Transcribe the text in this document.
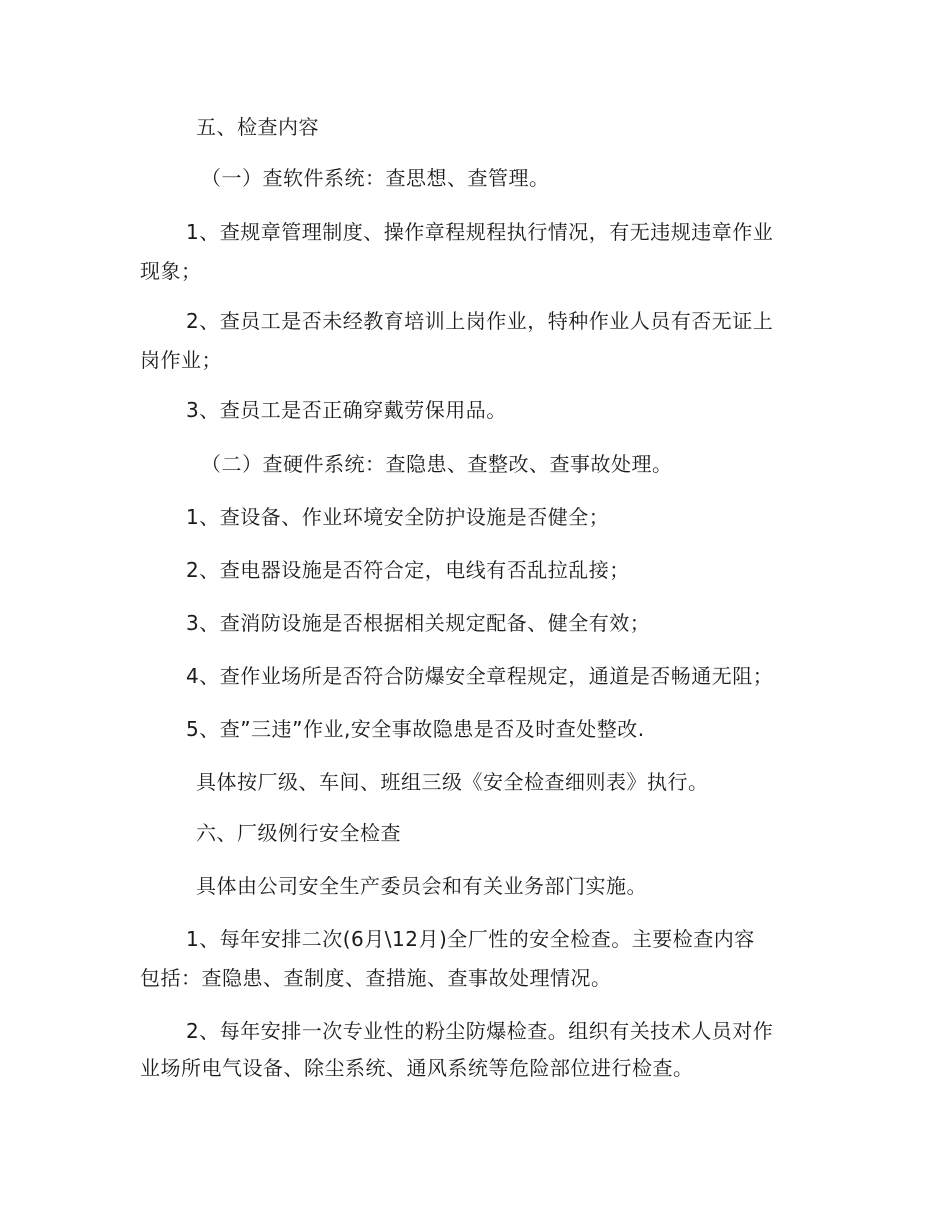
五、检查内容
（一）查软件系统：查思想、查管理。
1、查规章管理制度、操作章程规程执行情况，有无违规违章作业
现象；
2、查员工是否未经教育培训上岗作业，特种作业人员有否无证上
岗作业；
3、查员工是否正确穿戴劳保用品。
（二）查硬件系统：查隐患、查整改、查事故处理。
1、查设备、作业环境安全防护设施是否健全；
2、查电器设施是否符合定，电线有否乱拉乱接；
3、查消防设施是否根据相关规定配备、健全有效；
4、查作业场所是否符合防爆安全章程规定，通道是否畅通无阻；
5、查”三违”作业,安全事故隐患是否及时查处整改.
具体按厂级、车间、班组三级《安全检查细则表》执行。
六、厂级例行安全检查
具体由公司安全生产委员会和有关业务部门实施。
1、每年安排二次(6月\12月)全厂性的安全检查。主要检查内容
包括：查隐患、查制度、查措施、查事故处理情况。
2、每年安排一次专业性的粉尘防爆检查。组织有关技术人员对作
业场所电气设备、除尘系统、通风系统等危险部位进行检查。
